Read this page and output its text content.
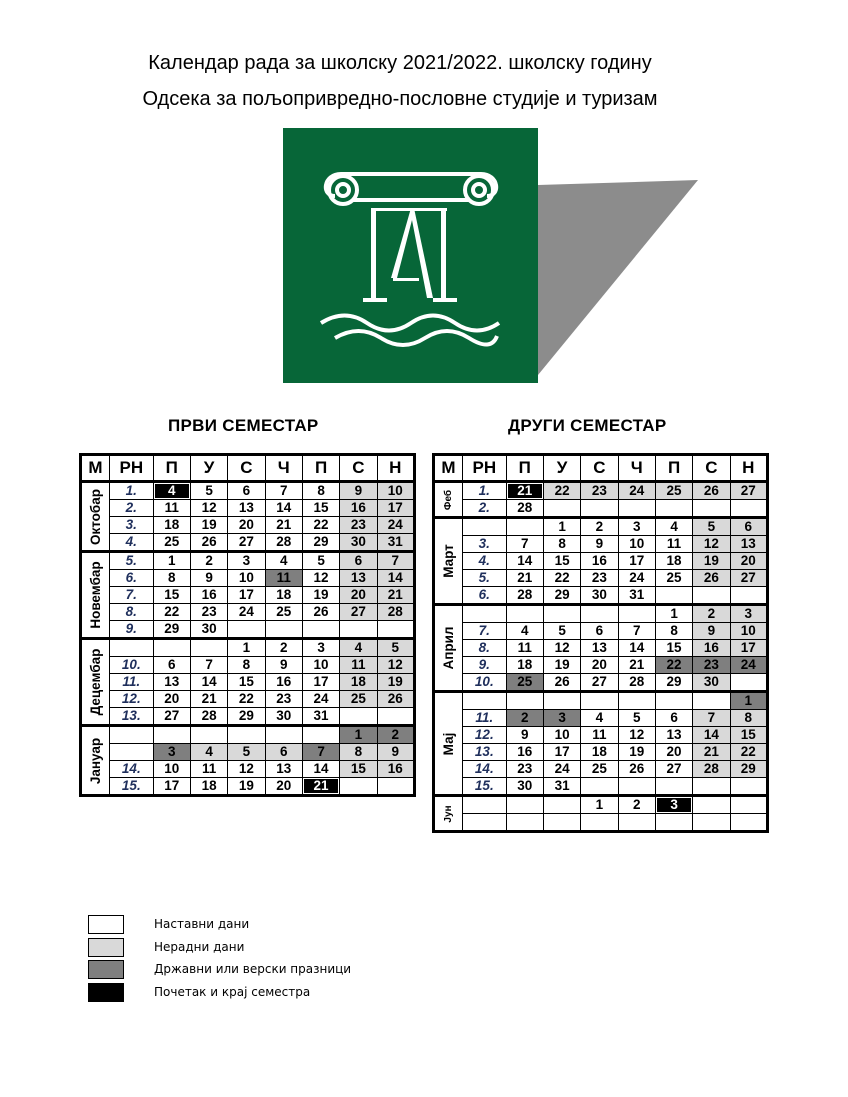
Календар рада за школску 2021/2022. школску годину
Одсека за пољопривредно-пословне студије и туризам
ПРВИ СЕМЕСТАР	ДРУГИ СЕМЕСТАР
М	РН	П	У	С	Ч	П	С	Н

Октобар	1.	4	5	6	7	8	9	10
	2.	11	12	13	14	15	16	17
	3.	18	19	20	21	22	23	24
	4.	25	26	27	28	29	30	31

Новембар	5.	1	2	3	4	5	6	7
	6.	8	9	10	11	12	13	14
	7.	15	16	17	18	19	20	21
	8.	22	23	24	25	26	27	28
	9.	29	30					

Децембар				1	2	3	4	5
	10.	6	7	8	9	10	11	12
	11.	13	14	15	16	17	18	19
	12.	20	21	22	23	24	25	26
	13.	27	28	29	30	31		

Јануар							1	2
		3	4	5	6	7	8	9
	14.	10	11	12	13	14	15	16
	15.	17	18	19	20	21		
М	РН	П	У	С	Ч	П	С	Н

Феб	1.	21	22	23	24	25	26	27
	2.	28						

Март			1	2	3	4	5	6
	3.	7	8	9	10	11	12	13
	4.	14	15	16	17	18	19	20
	5.	21	22	23	24	25	26	27
	6.	28	29	30	31			

Април						1	2	3
	7.	4	5	6	7	8	9	10
	8.	11	12	13	14	15	16	17
	9.	18	19	20	21	22	23	24
	10.	25	26	27	28	29	30	

Мај								1
	11.	2	3	4	5	6	7	8
	12.	9	10	11	12	13	14	15
	13.	16	17	18	19	20	21	22
	14.	23	24	25	26	27	28	29
	15.	30	31					

Јун				1	2	3		

Наставни дани
Нерадни дани
Државни или верски празници
Почетак и крај семестра
